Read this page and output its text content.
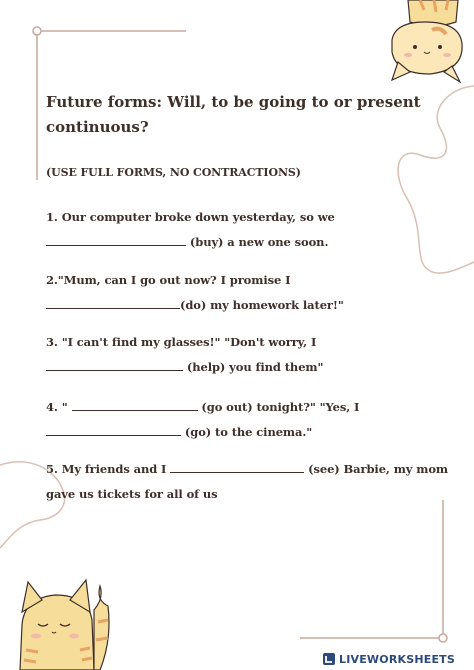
Future forms: Will, to be going to or present
continuous?
(USE FULL FORMS, NO CONTRACTIONS)
1. Our computer broke down yesterday, so we
(buy) a new one soon.
2."Mum, can I go out now? I promise I
(do) my homework later!"
3. "I can't find my glasses!" "Don't worry, I
(help) you find them"
4. "	(go out) tonight?" "Yes, I
(go) to the cinema."
5. My friends and I	(see) Barbie, my mom
gave us tickets for all of us
LIVEWORKSHEETS
